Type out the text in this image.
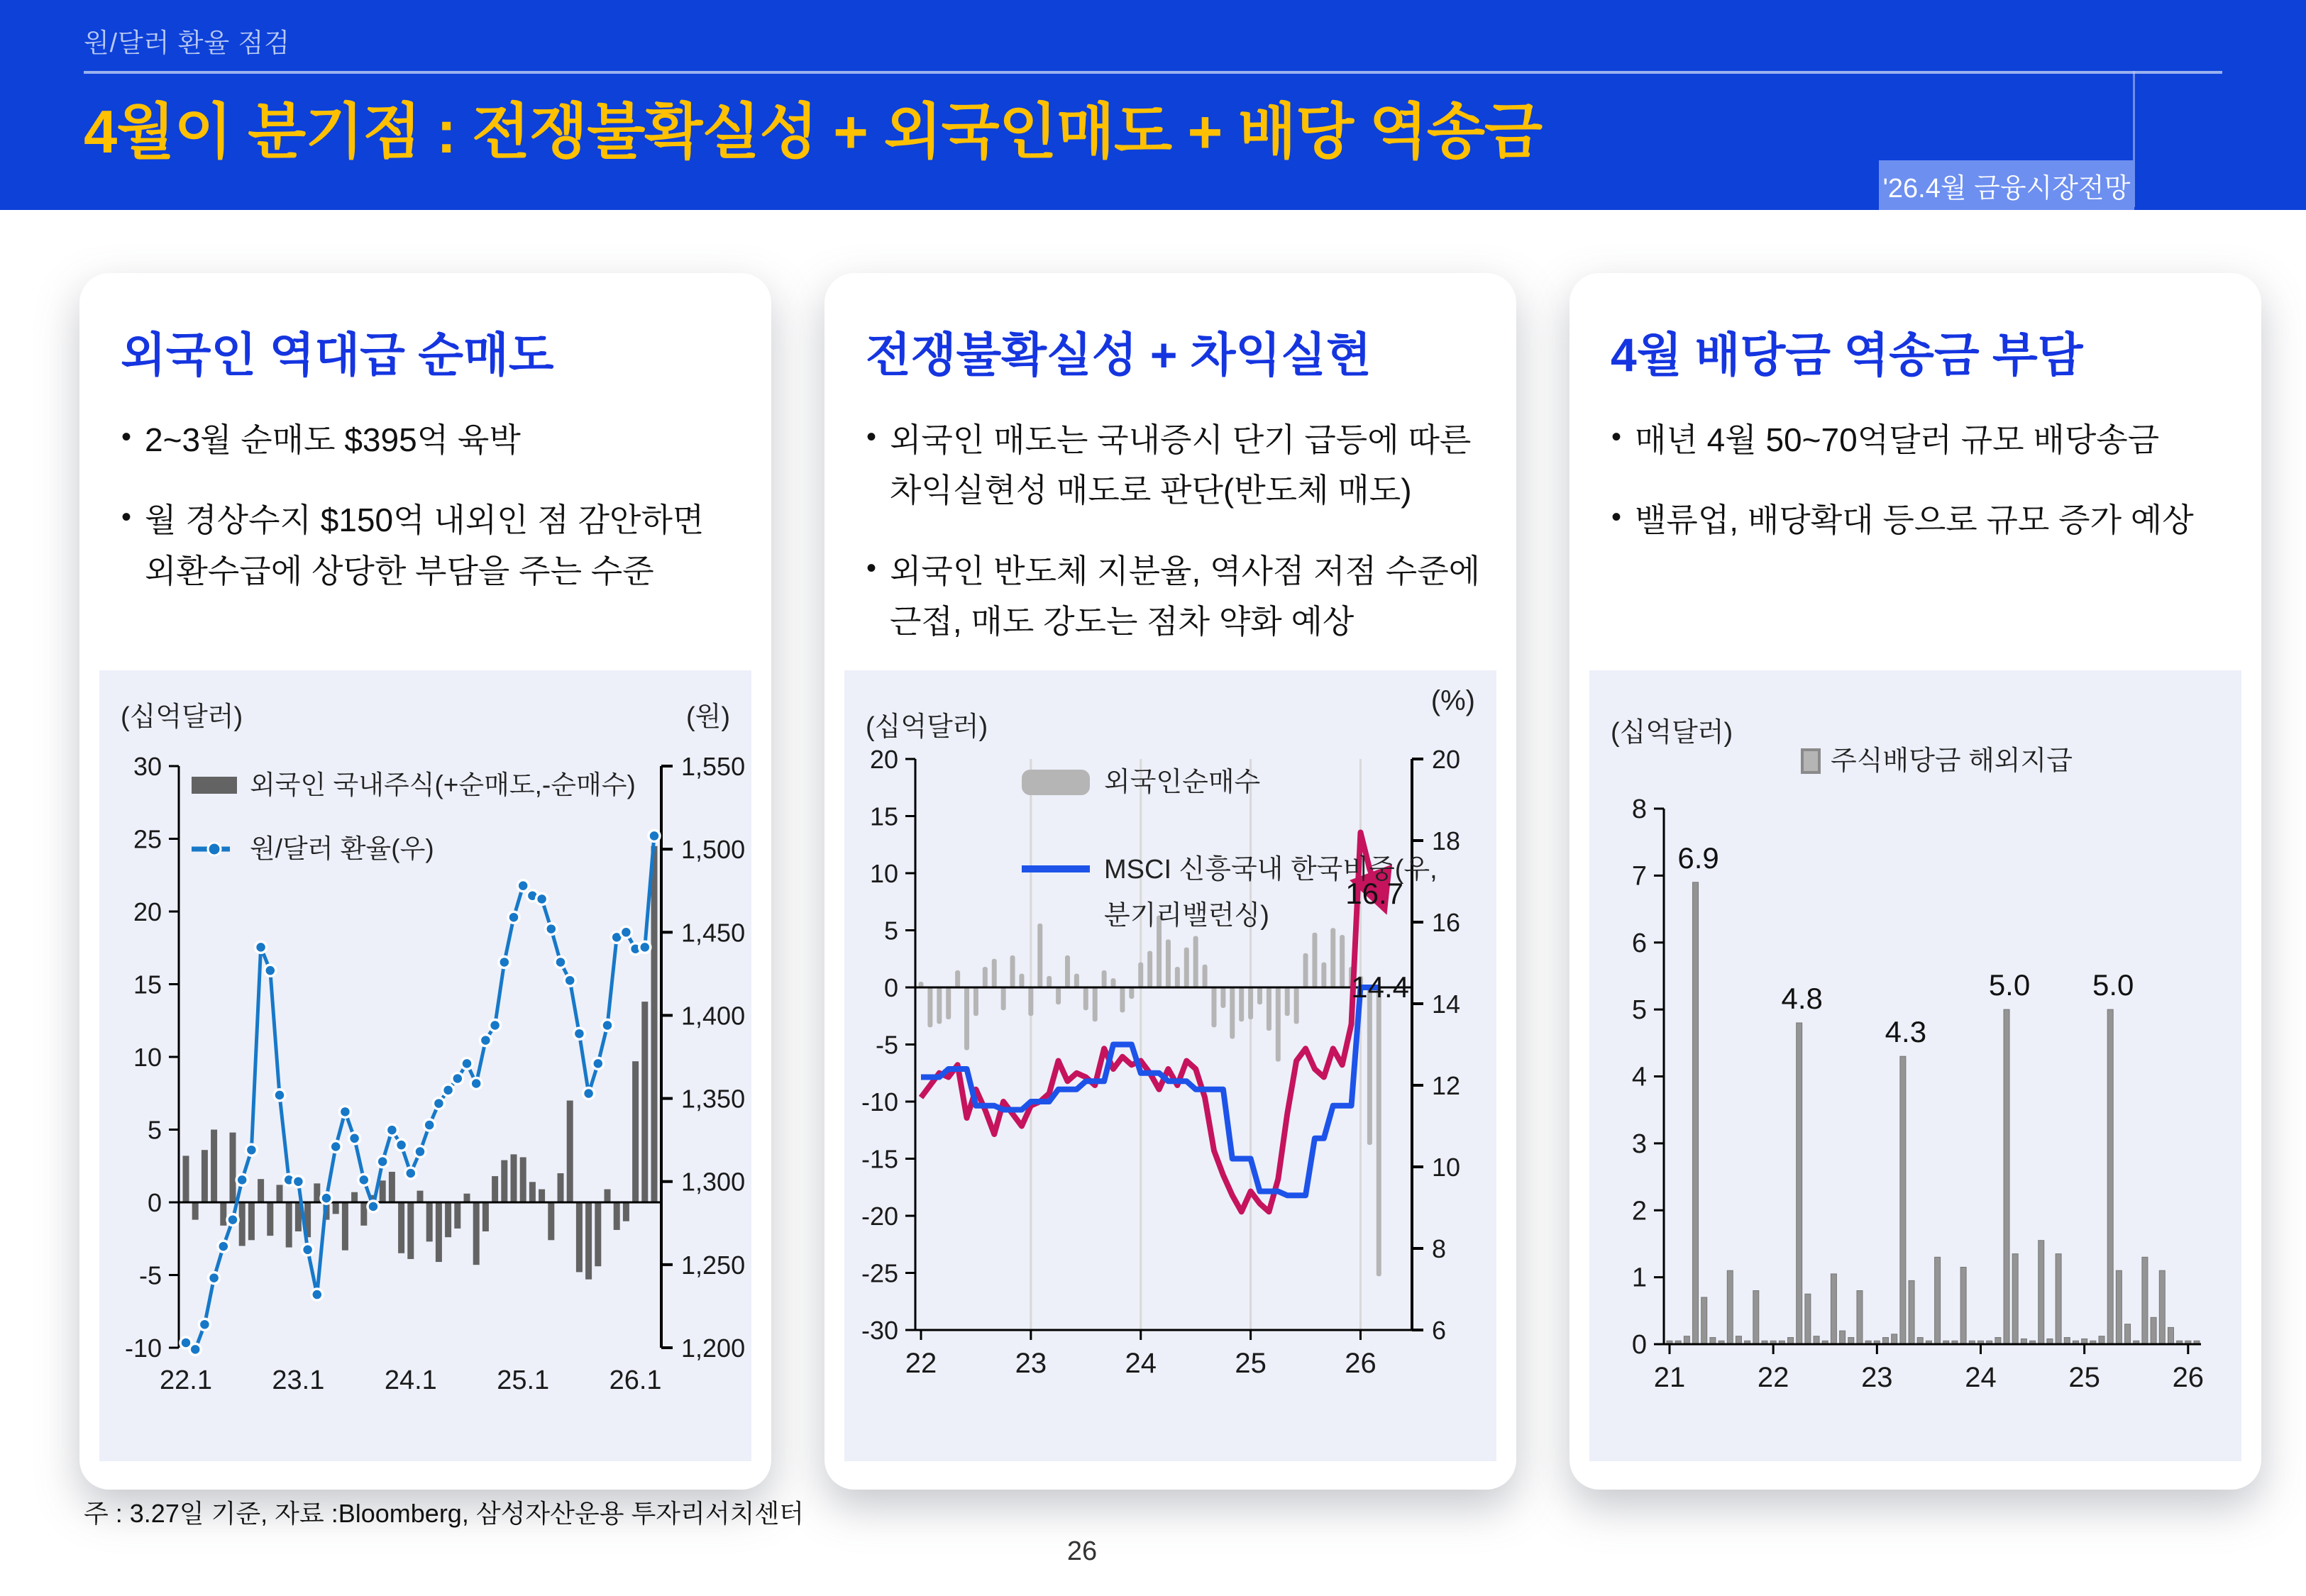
원/달러 환율 점검
4월이 분기점 : 전쟁불확실성 + 외국인매도 + 배당 역송금
'26.4월 금융시장전망
외국인 역대급 순매도
• 2~3월 순매도 $395억 육박
• 월 경상수지 $150억 내외인 점 감안하면 외환수급에 상당한 부담을 주는 수준
(십억달러)	(원)
30
25
20
15
10
5
0
-5
-10
1,550
1,500
1,450
1,400
1,350
1,300
1,250
1,200
22.1 23.1 24.1 25.1 26.1
외국인 국내주식(+순매도,-순매수)
원/달러 환율(우)
전쟁불확실성 + 차익실현
• 외국인 매도는 국내증시 단기 급등에 따른 차익실현성 매도로 판단(반도체 매도)
• 외국인 반도체 지분율, 역사점 저점 수준에 근접, 매도 강도는 점차 약화 예상
(십억달러)
(%)
20
15
10
5
0
-5
-10
-15
-20
-25
-30
20
18
16
14
12
10
8
6
22	23	24	25	26
16.7
14.4
외국인순매수
MSCI 신흥국내 한국비중(우,
분기리밸런싱)
4월 배당금 역송금 부담
• 매년 4월 50~70억달러 규모 배당송금
• 밸류업, 배당확대 등으로 규모 증가 예상
(십억달러)
8
7
6
5
4
3
2
1
0
21	22	23	24	25	26
6.9
4.8
4.3
5.0 5.0
주식배당금 해외지급
주 : 3.27일 기준, 자료 :Bloomberg, 삼성자산운용 투자리서치센터
26
